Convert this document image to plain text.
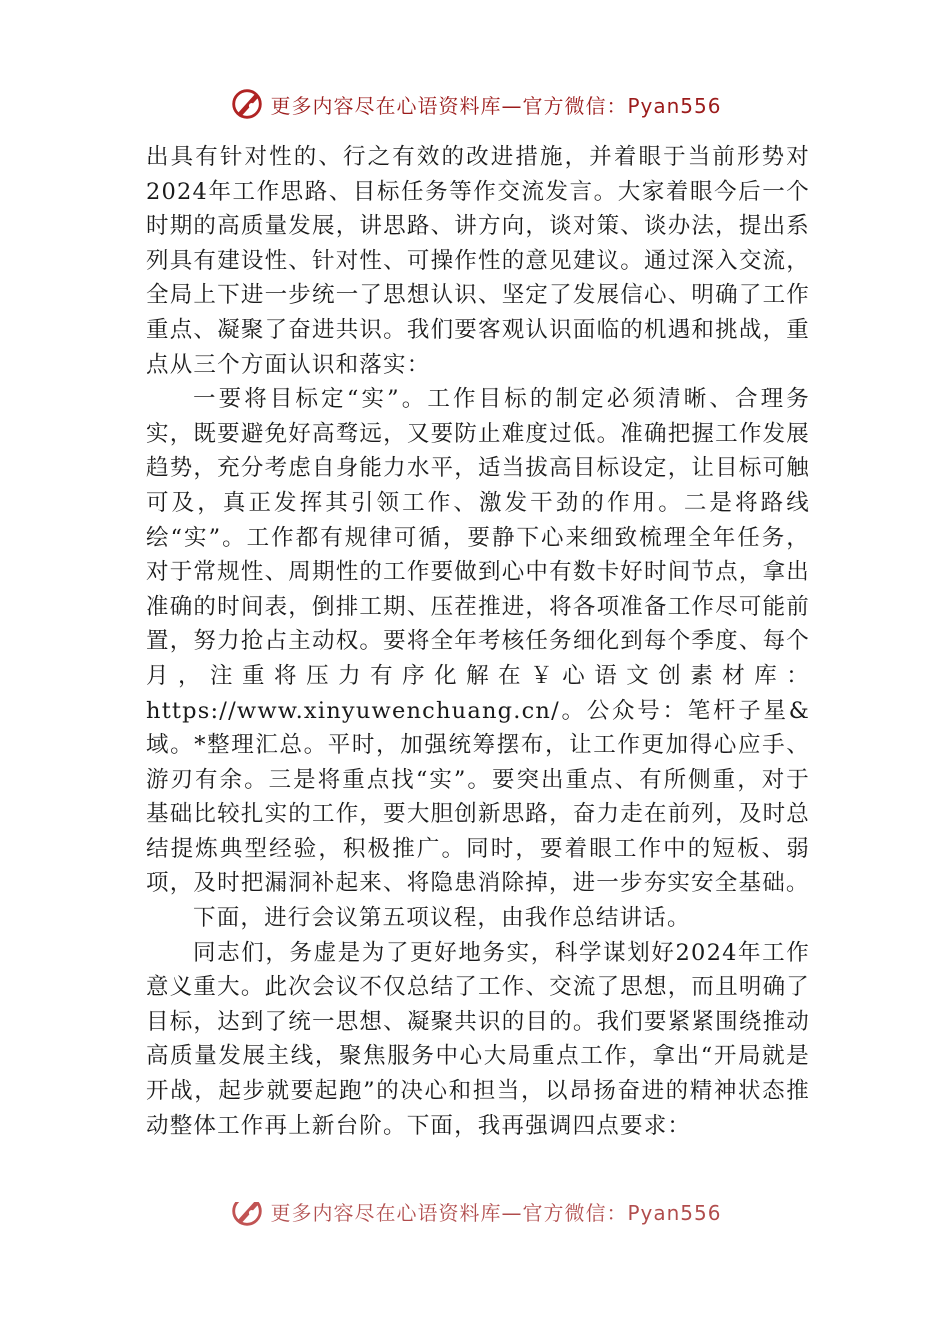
更多内容尽在心语资料库—官方微信：Pyan556

出具有针对性的、行之有效的改进措施，并着眼于当前形势对2024年工作思路、目标任务等作交流发言。大家着眼今后一个时期的高质量发展，讲思路、讲方向，谈对策、谈办法，提出系列具有建设性、针对性、可操作性的意见建议。通过深入交流，全局上下进一步统一了思想认识、坚定了发展信心、明确了工作重点、凝聚了奋进共识。我们要客观认识面临的机遇和挑战，重点从三个方面认识和落实：

一要将目标定“实”。工作目标的制定必须清晰、合理务实，既要避免好高骛远，又要防止难度过低。准确把握工作发展趋势，充分考虑自身能力水平，适当拔高目标设定，让目标可触可及，真正发挥其引领工作、激发干劲的作用。二是将路线绘“实”。工作都有规律可循，要静下心来细致梳理全年任务，对于常规性、周期性的工作要做到心中有数卡好时间节点，拿出准确的时间表，倒排工期、压茬推进，将各项准备工作尽可能前置，努力抢占主动权。要将全年考核任务细化到每个季度、每个月，注重将压力有序化解在￥心语文创素材库：https://www.xinyuwenchuang.cn/。公众号：笔杆子星&域。*整理汇总。平时，加强统筹摆布，让工作更加得心应手、游刃有余。三是将重点找“实”。要突出重点、有所侧重，对于基础比较扎实的工作，要大胆创新思路，奋力走在前列，及时总结提炼典型经验，积极推广。同时，要着眼工作中的短板、弱项，及时把漏洞补起来、将隐患消除掉，进一步夯实安全基础。

下面，进行会议第五项议程，由我作总结讲话。

同志们，务虚是为了更好地务实，科学谋划好2024年工作意义重大。此次会议不仅总结了工作、交流了思想，而且明确了目标，达到了统一思想、凝聚共识的目的。我们要紧紧围绕推动高质量发展主线，聚焦服务中心大局重点工作，拿出“开局就是开战，起步就要起跑”的决心和担当，以昂扬奋进的精神状态推动整体工作再上新台阶。下面，我再强调四点要求：

更多内容尽在心语资料库—官方微信：Pyan556
